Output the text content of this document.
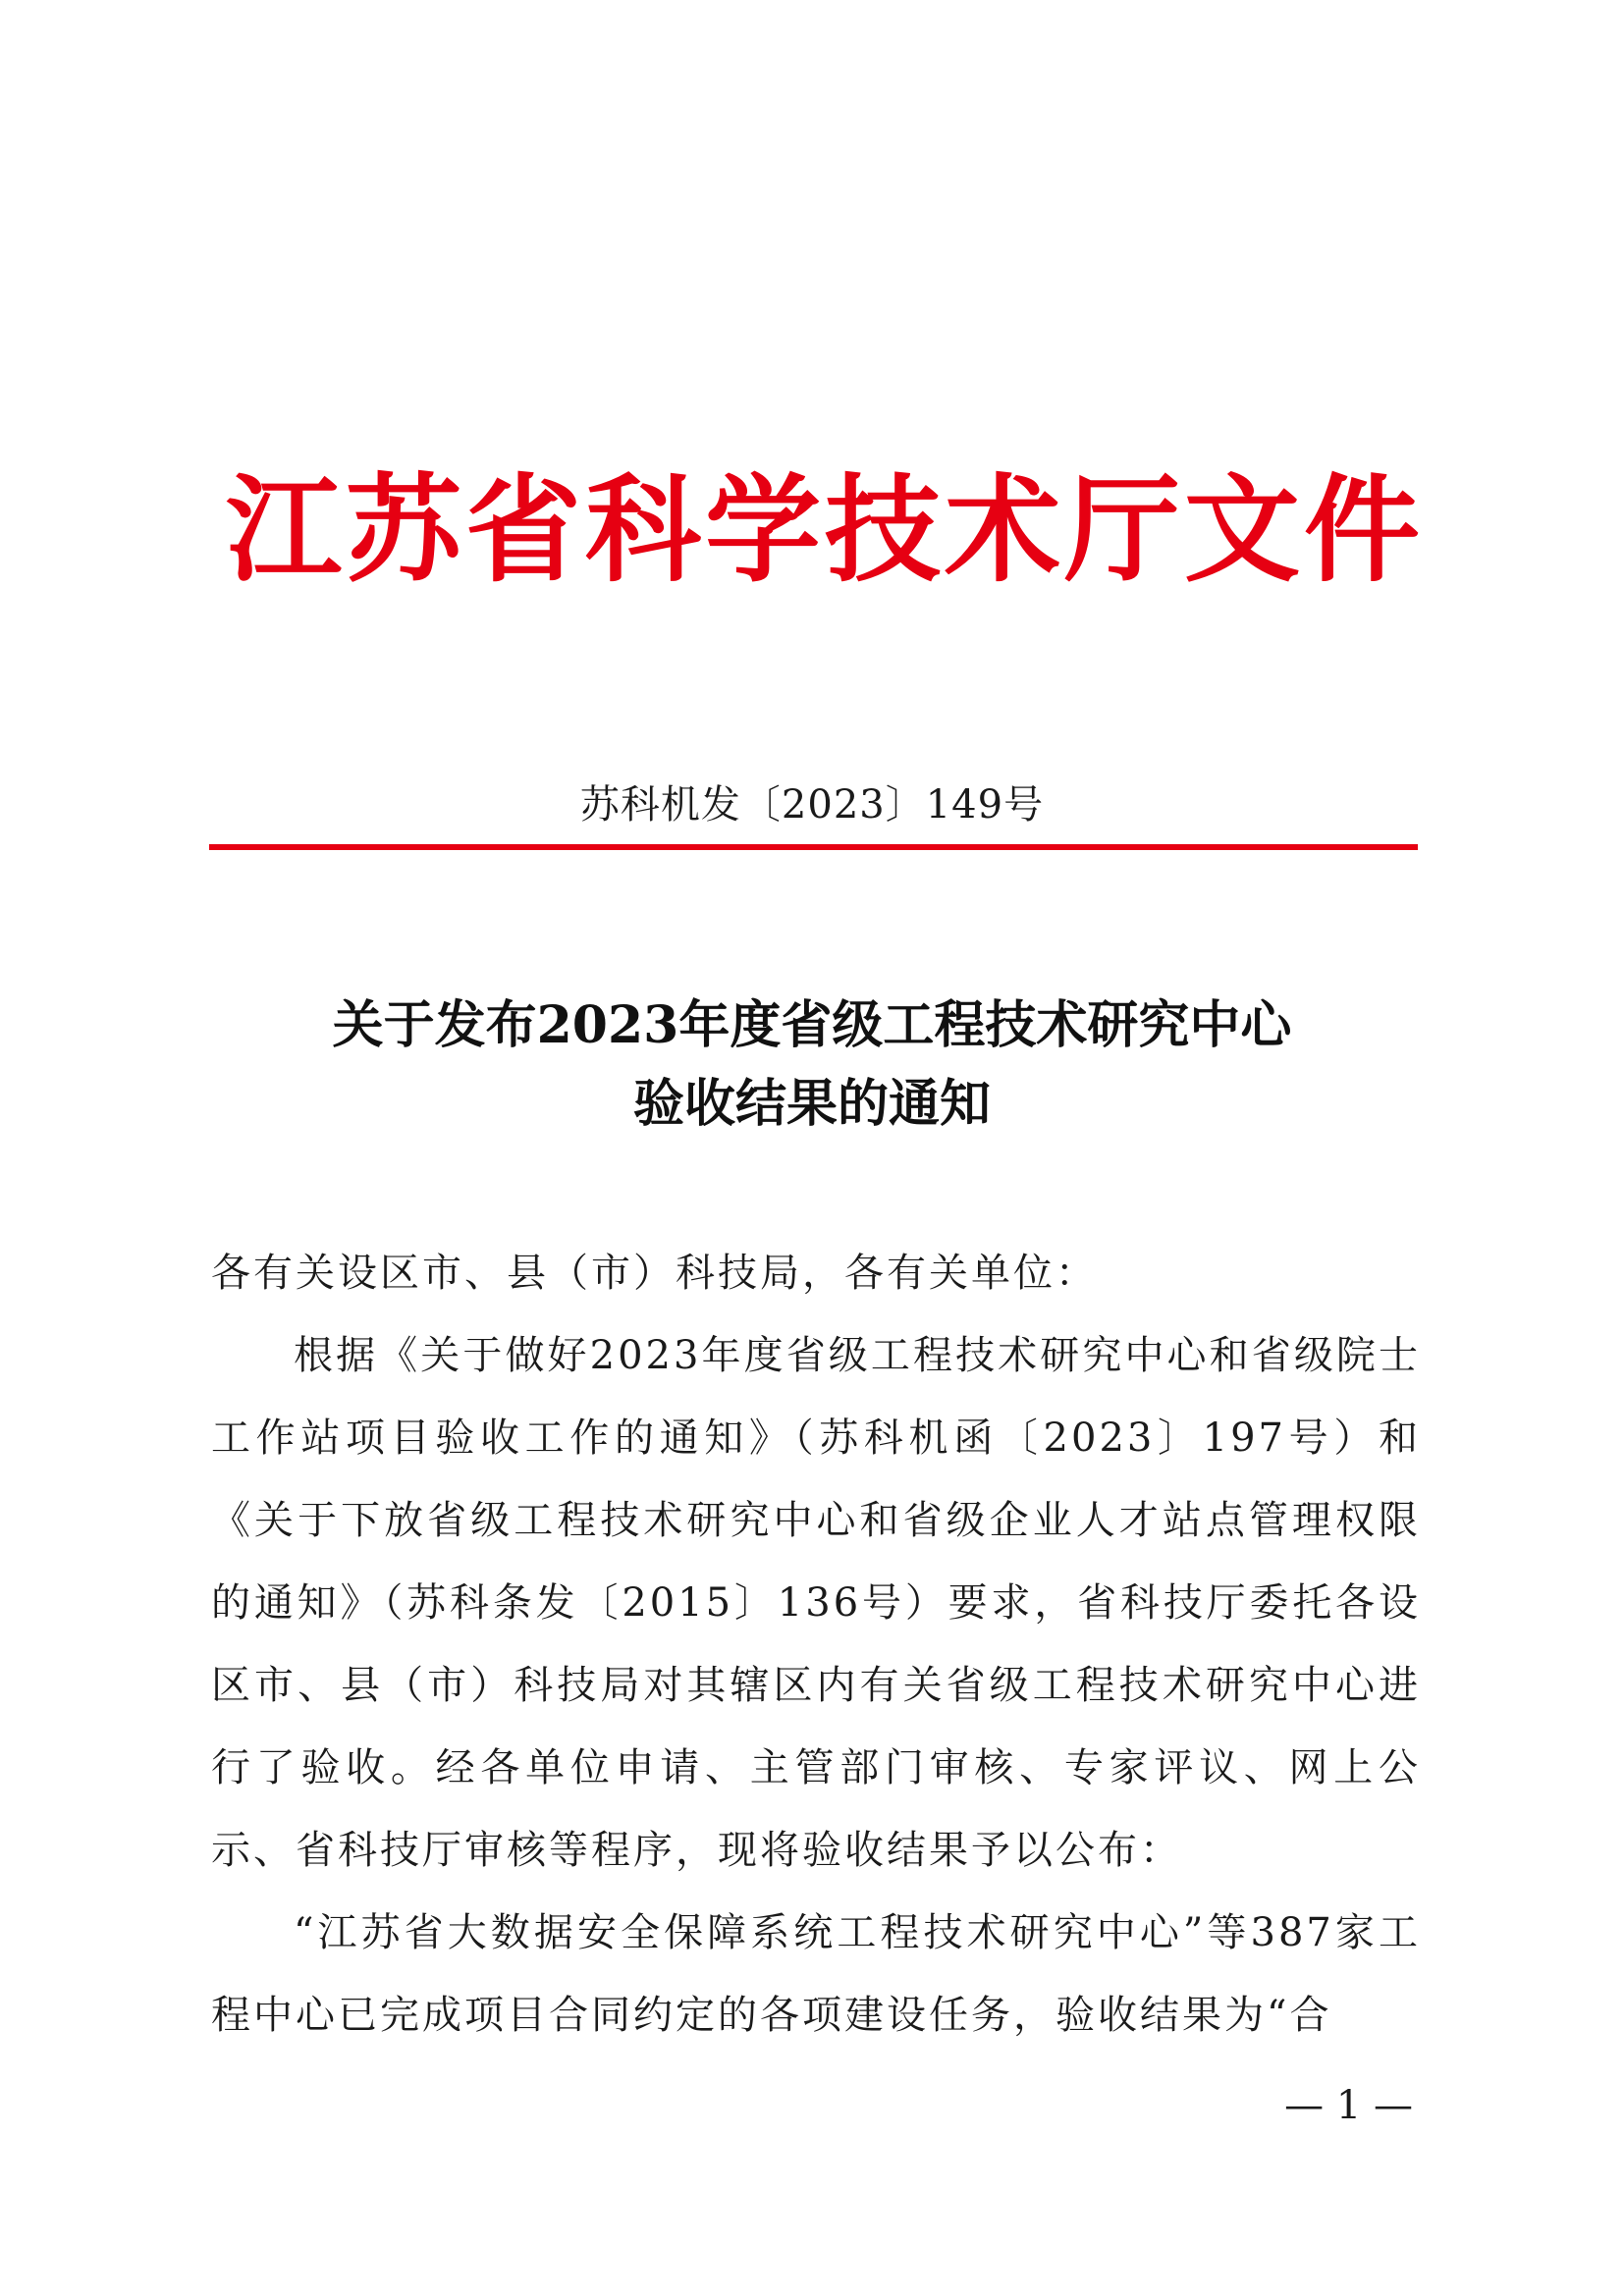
江苏省科学技术厅文件
苏科机发〔2023〕149号
关于发布2023年度省级工程技术研究中心
验收结果的通知

各有关设区市、县（市）科技局，各有关单位：

根据《关于做好2023年度省级工程技术研究中心和省级院士工作站项目验收工作的通知》（苏科机函〔2023〕197号）和《关于下放省级工程技术研究中心和省级企业人才站点管理权限的通知》（苏科条发〔2015〕136号）要求，省科技厅委托各设区市、县（市）科技局对其辖区内有关省级工程技术研究中心进行了验收。经各单位申请、主管部门审核、专家评议、网上公示、省科技厅审核等程序，现将验收结果予以公布：

“江苏省大数据安全保障系统工程技术研究中心”等387家工程中心已完成项目合同约定的各项建设任务，验收结果为“合

— 1 —
